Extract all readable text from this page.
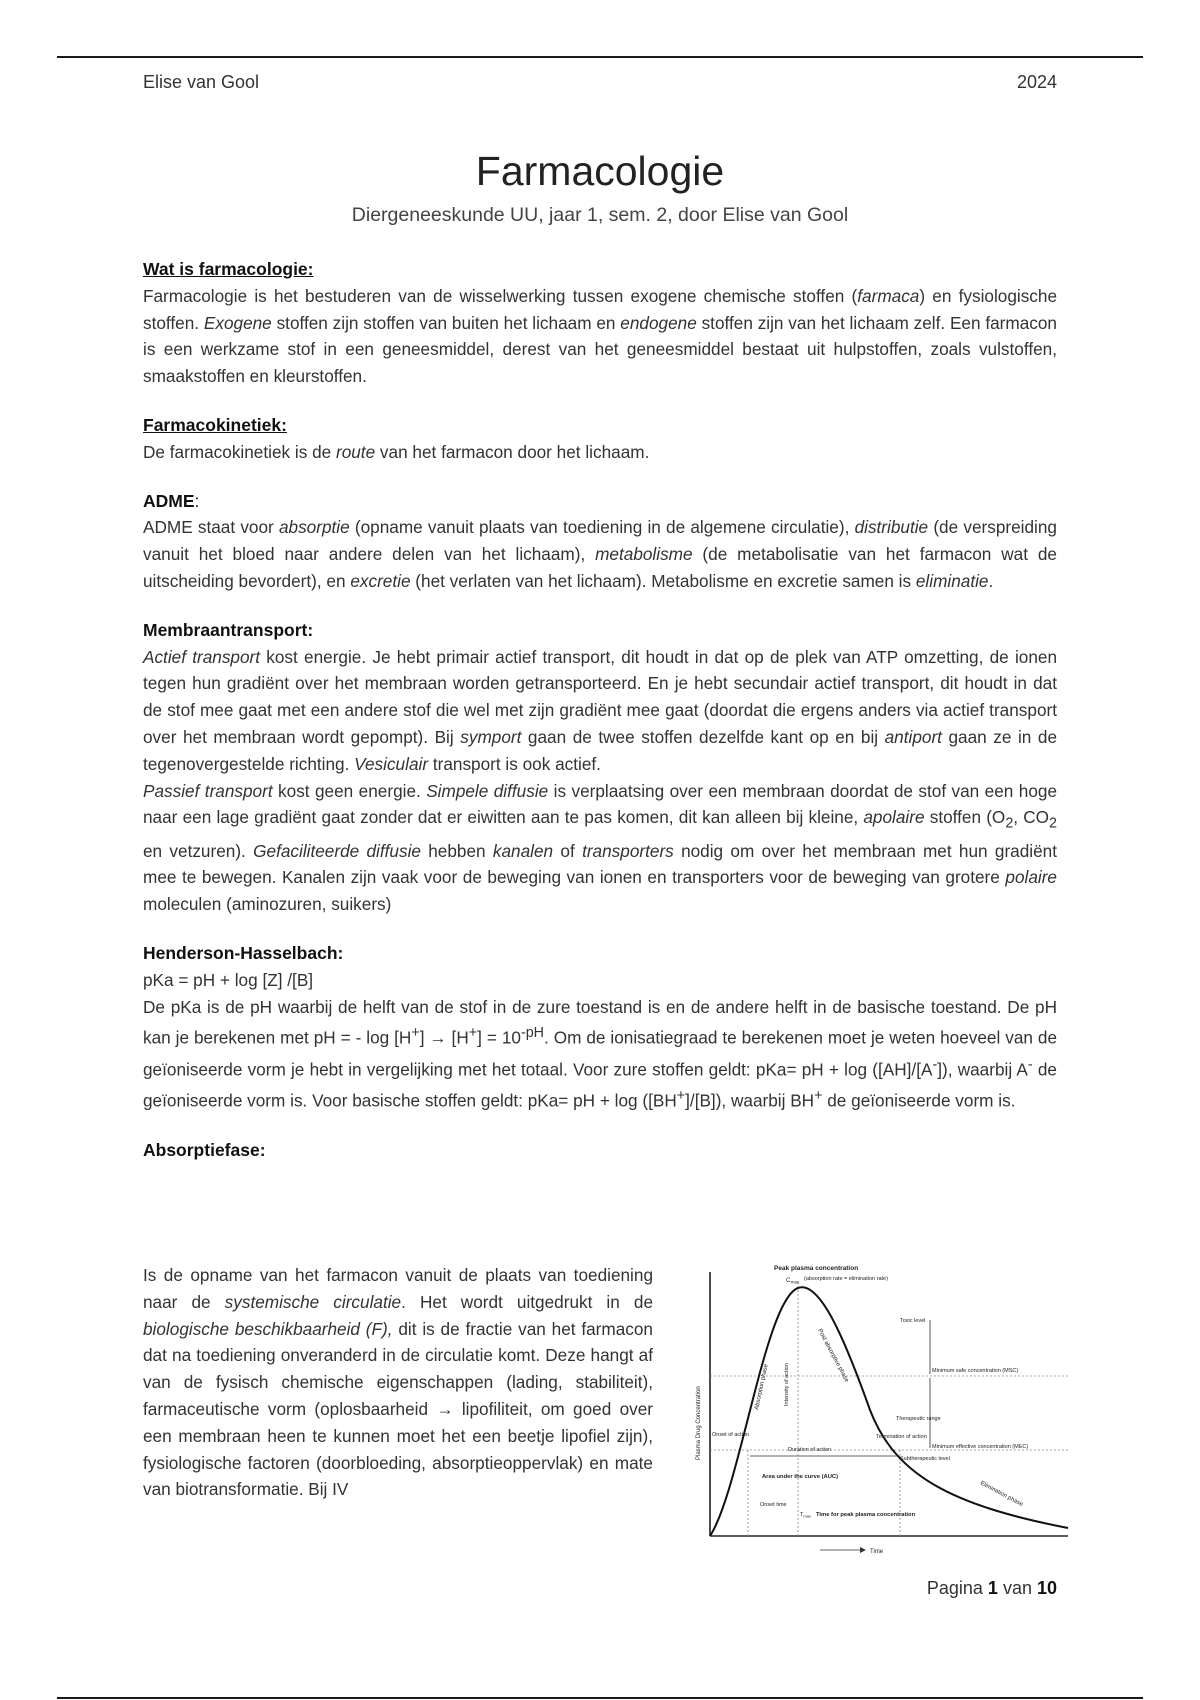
Elise van Gool	2024
Farmacologie
Diergeneeskunde UU, jaar 1, sem. 2, door Elise van Gool
Wat is farmacologie:

Farmacologie is het bestuderen van de wisselwerking tussen exogene chemische stoffen (farmaca) en fysiologische stoffen. Exogene stoffen zijn stoffen van buiten het lichaam en endogene stoffen zijn van het lichaam zelf. Een farmacon is een werkzame stof in een geneesmiddel, derest van het geneesmiddel bestaat uit hulpstoffen, zoals vulstoffen, smaakstoffen en kleurstoffen.

Farmacokinetiek:

De farmacokinetiek is de route van het farmacon door het lichaam.

ADME:

ADME staat voor absorptie (opname vanuit plaats van toediening in de algemene circulatie), distributie (de verspreiding vanuit het bloed naar andere delen van het lichaam), metabolisme (de metabolisatie van het farmacon wat de uitscheiding bevordert), en excretie (het verlaten van het lichaam). Metabolisme en excretie samen is eliminatie.

Membraantransport:

Actief transport kost energie. Je hebt primair actief transport, dit houdt in dat op de plek van ATP omzetting, de ionen tegen hun gradiënt over het membraan worden getransporteerd. En je hebt secundair actief transport, dit houdt in dat de stof mee gaat met een andere stof die wel met zijn gradiënt mee gaat (doordat die ergens anders via actief transport over het membraan wordt gepompt). Bij symport gaan de twee stoffen dezelfde kant op en bij antiport gaan ze in de tegenovergestelde richting. Vesiculair transport is ook actief.

Passief transport kost geen energie. Simpele diffusie is verplaatsing over een membraan doordat de stof van een hoge naar een lage gradiënt gaat zonder dat er eiwitten aan te pas komen, dit kan alleen bij kleine, apolaire stoffen ($O_2$, $CO_2$ en vetzuren). Gefaciliteerde diffusie hebben kanalen of transporters nodig om over het membraan met hun gradiënt mee te bewegen. Kanalen zijn vaak voor de beweging van ionen en transporters voor de beweging van grotere polaire moleculen (aminozuren, suikers)

Henderson-Hasselbach:

pKa = pH + log [Z] /[B]

De pKa is de pH waarbij de helft van de stof in de zure toestand is en de andere helft in de basische toestand. De pH kan je berekenen met pH = - $\log [H^+] \to [H^+] = 10^{-pH}$. Om de ionisatiegraad te berekenen moet je weten hoeveel van de geïoniseerde vorm je hebt in vergelijking met het totaal. Voor zure stoffen geldt: pKa= pH + log ([AH]/[A-]), waarbij A- de geïoniseerde vorm is. Voor basische stoffen geldt: pKa= pH + log ([BH+]/[B]), waarbij BH+ de geïoniseerde vorm is.

Absorptiefase:
Is de opname van het farmacon vanuit de plaats van toediening naar de systemische circulatie. Het wordt uitgedrukt in de biologische beschikbaarheid (F), dit is de fractie van het farmacon dat na toediening onveranderd in de circulatie komt. Deze hangt af van de fysisch chemische eigenschappen (lading, stabiliteit), farmaceutische vorm (oplosbaarheid → lipofiliteit, om goed over een membraan heen te kunnen moet het een beetje lipofiel zijn), fysiologische factoren (doorbloeding, absorptieoppervlak) en mate van biotransformatie. Bij IV
Peak plasma concentration
$C_{max}$ (absorption rate = elimination rate)
Toxic level
Minimum safe concentration (MSC)
Therapeutic range
Termination of action
Minimum effective concentration (MEC)
Subtherapeutic level
Onset of action
Duration of action
Area under the curve (AUC)
Onset time
$T_{max}$ Time for peak plasma concentration
Time
Plasma Drug Concentration	Absorption phase	Intensity of action
Post absorptive phase
Elimination phase
Pagina 1 van 10
